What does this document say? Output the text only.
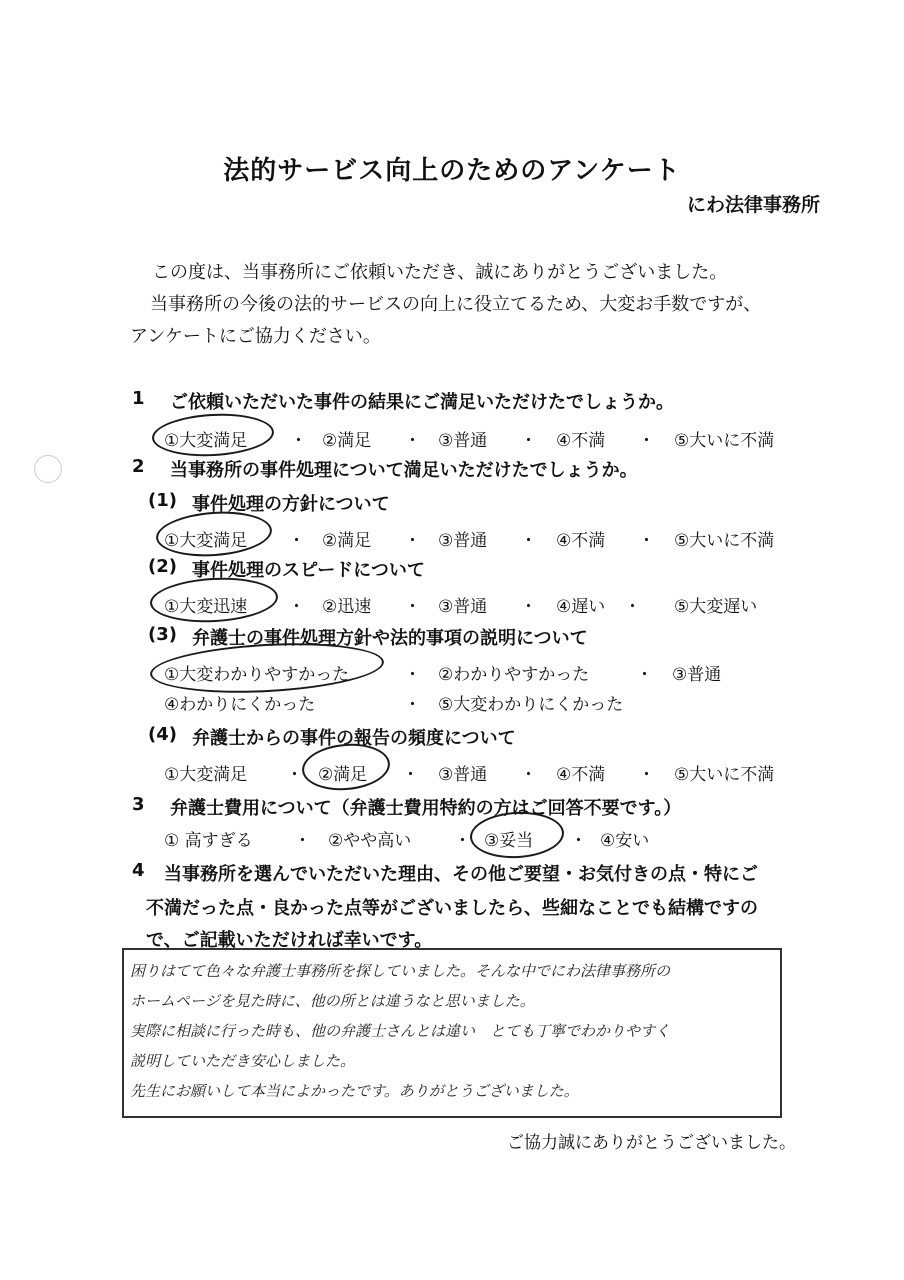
法的サービス向上のためのアンケート
にわ法律事務所
この度は、当事務所にご依頼いただき、誠にありがとうございました。
当事務所の今後の法的サービスの向上に役立てるため、大変お手数ですが、
アンケートにご協力ください。
1 ご依頼いただいた事件の結果にご満足いただけたでしょうか。
①大変満足	・ ②満足 ・ ③普通 ・ ④不満 ・ ⑤大いに不満
2 当事務所の事件処理について満足いただけたでしょうか。
(1) 事件処理の方針について
①大変満足 ・ ②満足 ・ ③普通 ・ ④不満 ・ ⑤大いに不満
(2) 事件処理のスピードについて
①大変迅速 ・ ②迅速 ・ ③普通 ・ ④遅い ・ ⑤大変遅い
(3) 弁護士の事件処理方針や法的事項の説明について
①大変わかりやすかった	・ ②わかりやすかった	・ ③普通
④わかりにくかった	・ ⑤大変わかりにくかった
(4) 弁護士からの事件の報告の頻度について
①大変満足 ・ ②満足 ・ ③普通 ・ ④不満 ・ ⑤大いに不満
3 弁護士費用について（弁護士費用特約の方はご回答不要です。）
① 高すぎる ・ ②やや高い	・ ③妥当 ・ ④安い
4 当事務所を選んでいただいた理由、その他ご要望・お気付きの点・特にご
不満だった点・良かった点等がございましたら、些細なことでも結構ですの
で、ご記載いただければ幸いです。
困りはてて色々な弁護士事務所を探していました。そんな中でにわ法律事務所の
ホームページを見た時に、他の所とは違うなと思いました。
実際に相談に行った時も、他の弁護士さんとは違い　とても丁寧でわかりやすく
説明していただき安心しました。
先生にお願いして本当によかったです。ありがとうございました。
ご協力誠にありがとうございました。
